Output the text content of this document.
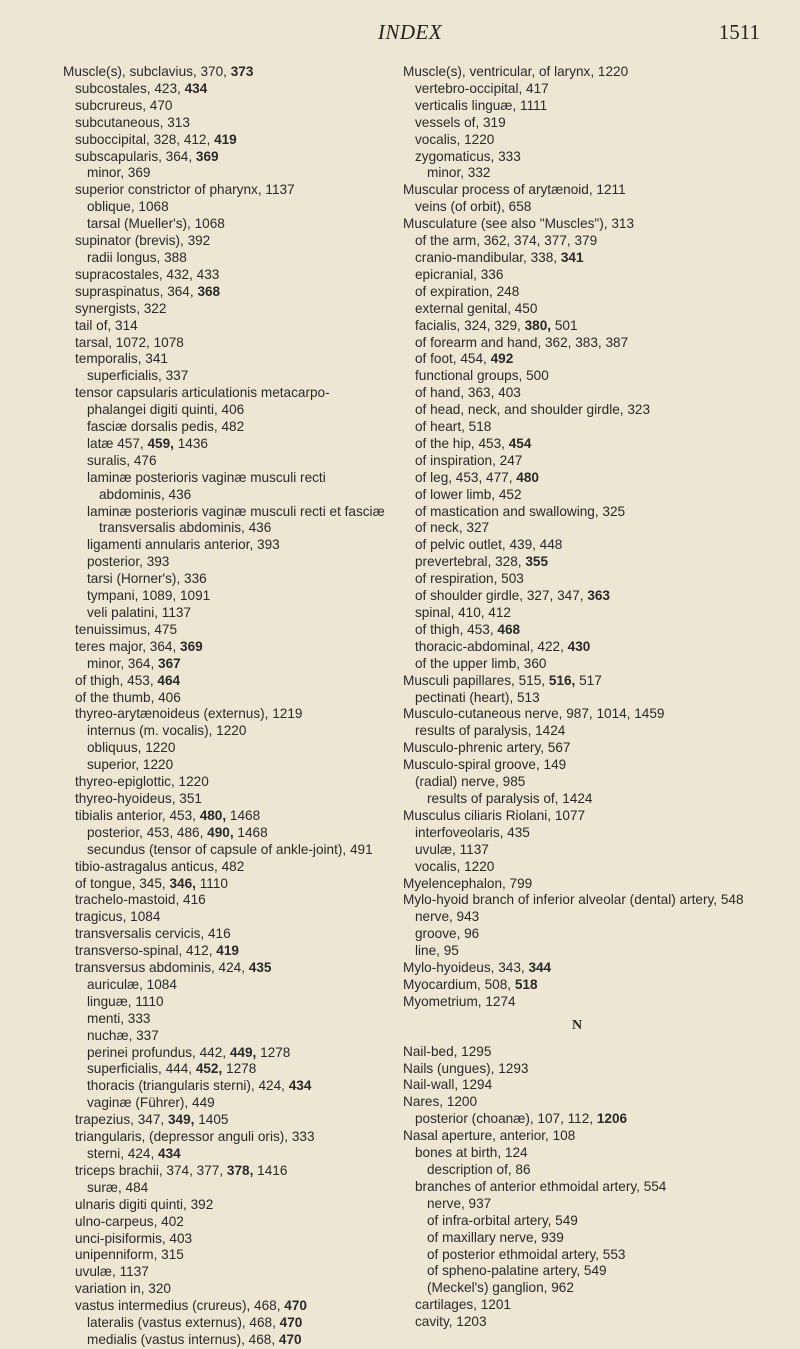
INDEX	1511
Muscle(s), subclavius, 370, 373
subcostales, 423, 434
subcrureus, 470
subcutaneous, 313
suboccipital, 328, 412, 419
subscapularis, 364, 369
minor, 369
superior constrictor of pharynx, 1137
oblique, 1068
tarsal (Mueller's), 1068
supinator (brevis), 392
radii longus, 388
supracostales, 432, 433
supraspinatus, 364, 368
synergists, 322
tail of, 314
tarsal, 1072, 1078
temporalis, 341
superficialis, 337
tensor capsularis articulationis metacarpo-phalangei digiti quinti, 406
fasciæ dorsalis pedis, 482
latæ 457, 459, 1436
suralis, 476
laminæ posterioris vaginæ musculi recti abdominis, 436
laminæ posterioris vaginæ musculi recti et fasciæ transversalis abdominis, 436
ligamenti annularis anterior, 393
posterior, 393
tarsi (Horner's), 336
tympani, 1089, 1091
veli palatini, 1137
tenuissimus, 475
teres major, 364, 369
minor, 364, 367
of thigh, 453, 464
of the thumb, 406
thyreo-arytænoideus (externus), 1219
internus (m. vocalis), 1220
obliquus, 1220
superior, 1220
thyreo-epiglottic, 1220
thyreo-hyoideus, 351
tibialis anterior, 453, 480, 1468
posterior, 453, 486, 490, 1468
secundus (tensor of capsule of ankle-joint), 491
tibio-astragalus anticus, 482
of tongue, 345, 346, 1110
trachelo-mastoid, 416
tragicus, 1084
transversalis cervicis, 416
transverso-spinal, 412, 419
transversus abdominis, 424, 435
auriculæ, 1084
linguæ, 1110
menti, 333
nuchæ, 337
perinei profundus, 442, 449, 1278
superficialis, 444, 452, 1278
thoracis (triangularis sterni), 424, 434
vaginæ (Führer), 449
trapezius, 347, 349, 1405
triangularis, (depressor anguli oris), 333
sterni, 424, 434
triceps brachii, 374, 377, 378, 1416
suræ, 484
ulnaris digiti quinti, 392
ulno-carpeus, 402
unci-pisiformis, 403
unipenniform, 315
uvulæ, 1137
variation in, 320
vastus intermedius (crureus), 468, 470
lateralis (vastus externus), 468, 470
medialis (vastus internus), 468, 470
Muscle(s), ventricular, of larynx, 1220
vertebro-occipital, 417
verticalis linguæ, 1111
vessels of, 319
vocalis, 1220
zygomaticus, 333
minor, 332
Muscular process of arytænoid, 1211
veins (of orbit), 658
Musculature (see also "Muscles"), 313
of the arm, 362, 374, 377, 379
cranio-mandibular, 338, 341
epicranial, 336
of expiration, 248
external genital, 450
facialis, 324, 329, 380, 501
of forearm and hand, 362, 383, 387
of foot, 454, 492
functional groups, 500
of hand, 363, 403
of head, neck, and shoulder girdle, 323
of heart, 518
of the hip, 453, 454
of inspiration, 247
of leg, 453, 477, 480
of lower limb, 452
of mastication and swallowing, 325
of neck, 327
of pelvic outlet, 439, 448
prevertebral, 328, 355
of respiration, 503
of shoulder girdle, 327, 347, 363
spinal, 410, 412
of thigh, 453, 468
thoracic-abdominal, 422, 430
of the upper limb, 360
Musculi papillares, 515, 516, 517
pectinati (heart), 513
Musculo-cutaneous nerve, 987, 1014, 1459
results of paralysis, 1424
Musculo-phrenic artery, 567
Musculo-spiral groove, 149
(radial) nerve, 985
results of paralysis of, 1424
Musculus ciliaris Riolani, 1077
interfoveolaris, 435
uvulæ, 1137
vocalis, 1220
Myelencephalon, 799
Mylo-hyoid branch of inferior alveolar (dental) artery, 548
nerve, 943
groove, 96
line, 95
Mylo-hyoideus, 343, 344
Myocardium, 508, 518
Myometrium, 1274
N
Nail-bed, 1295
Nails (ungues), 1293
Nail-wall, 1294
Nares, 1200
posterior (choanæ), 107, 112, 1206
Nasal aperture, anterior, 108
bones at birth, 124
description of, 86
branches of anterior ethmoidal artery, 554
nerve, 937
of infra-orbital artery, 549
of maxillary nerve, 939
of posterior ethmoidal artery, 553
of spheno-palatine artery, 549
(Meckel's) ganglion, 962
cartilages, 1201
cavity, 1203
